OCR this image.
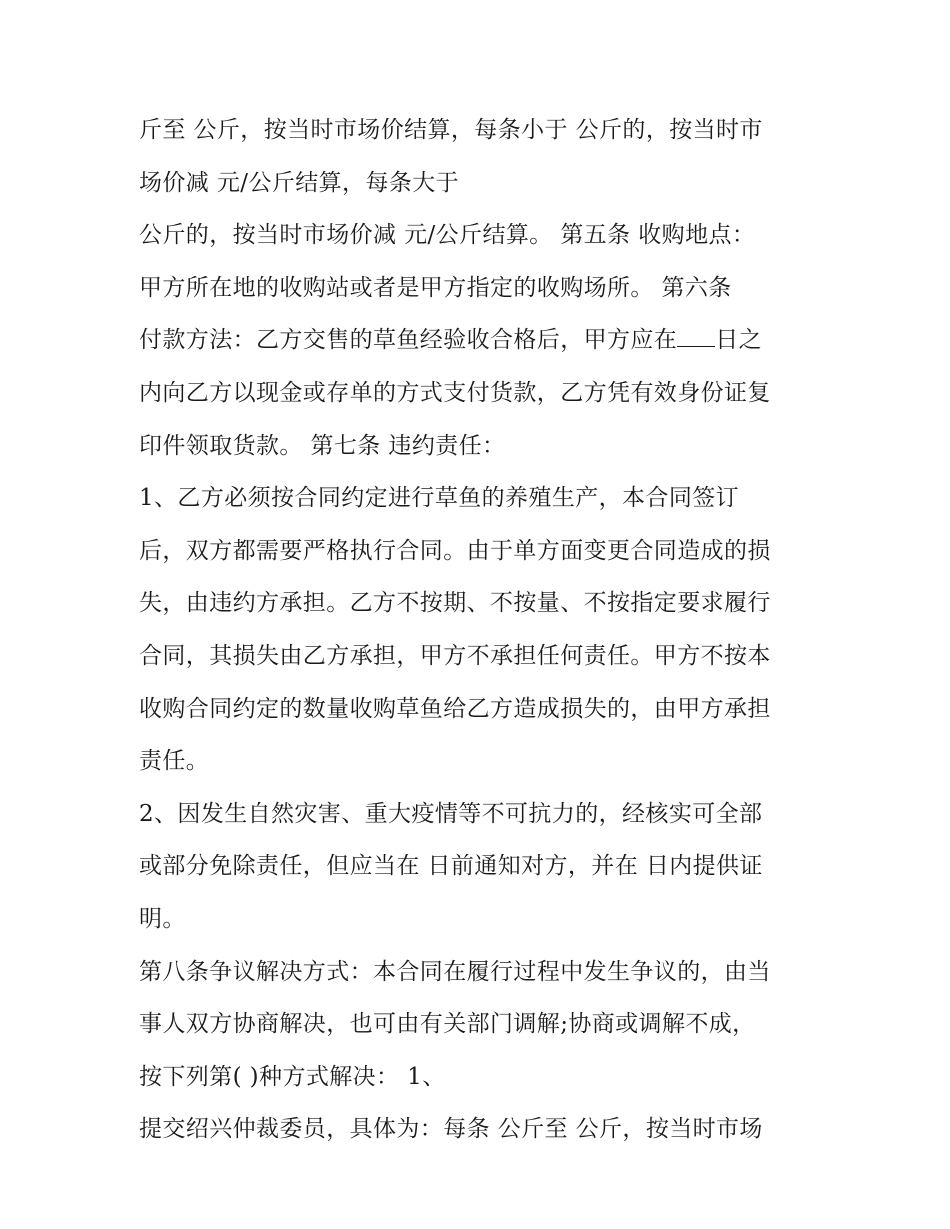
斤至 公斤，按当时市场价结算，每条小于 公斤的，按当时市
场价减 元/公斤结算，每条大于
公斤的，按当时市场价减 元/公斤结算。 第五条 收购地点：
甲方所在地的收购站或者是甲方指定的收购场所。 第六条
付款方法：乙方交售的草鱼经验收合格后，甲方应在 日之
内向乙方以现金或存单的方式支付货款，乙方凭有效身份证复
印件领取货款。 第七条 违约责任：
1、乙方必须按合同约定进行草鱼的养殖生产，本合同签订
后，双方都需要严格执行合同。由于单方面变更合同造成的损
失，由违约方承担。乙方不按期、不按量、不按指定要求履行
合同，其损失由乙方承担，甲方不承担任何责任。甲方不按本
收购合同约定的数量收购草鱼给乙方造成损失的，由甲方承担
责任。
2、因发生自然灾害、重大疫情等不可抗力的，经核实可全部
或部分免除责任，但应当在 日前通知对方，并在 日内提供证
明。
第八条争议解决方式：本合同在履行过程中发生争议的，由当
事人双方协商解决，也可由有关部门调解;协商或调解不成，
按下列第( )种方式解决： 1、
提交绍兴仲裁委员，具体为：每条 公斤至 公斤，按当时市场
